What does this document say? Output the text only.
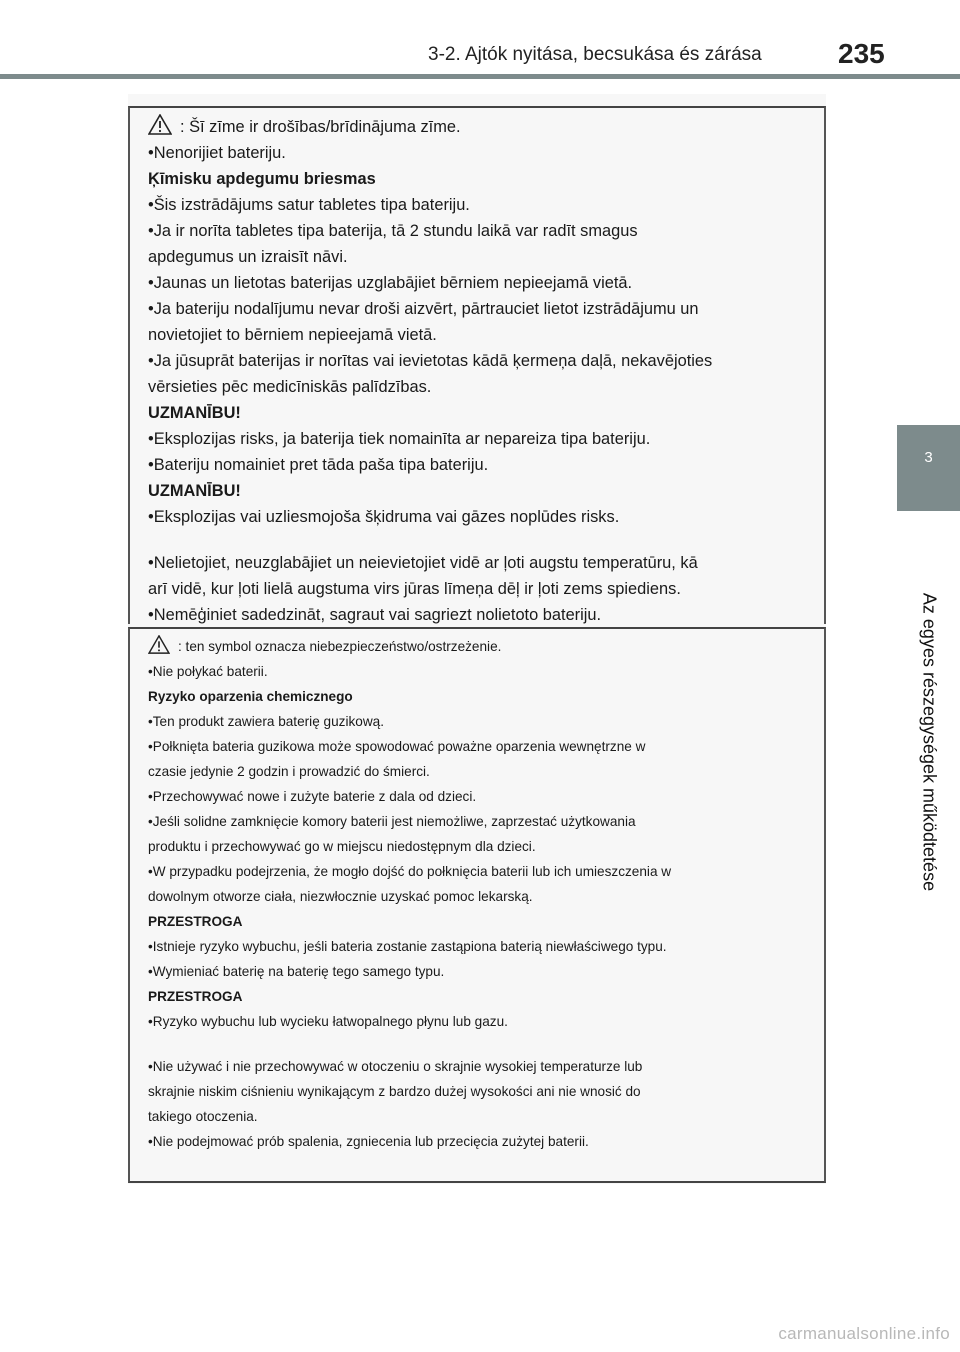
3-2. Ajtók nyitása, becsukása és zárása	235
3
Az egyes részegységek működtetése

: Šī zīme ir drošības/brīdinājuma zīme.

•Nenorijiet bateriju.

Ķīmisku apdegumu briesmas

•Šis izstrādājums satur tabletes tipa bateriju.

•Ja ir norīta tabletes tipa baterija, tā 2 stundu laikā var radīt smagus

apdegumus un izraisīt nāvi.

•Jaunas un lietotas baterijas uzglabājiet bērniem nepieejamā vietā.

•Ja bateriju nodalījumu nevar droši aizvērt, pārtrauciet lietot izstrādājumu un

novietojiet to bērniem nepieejamā vietā.

•Ja jūsuprāt baterijas ir norītas vai ievietotas kādā ķermeņa daļā, nekavējoties

vērsieties pēc medicīniskās palīdzības.

UZMANĪBU!

•Eksplozijas risks, ja baterija tiek nomainīta ar nepareiza tipa bateriju.

•Bateriju nomainiet pret tāda paša tipa bateriju.

UZMANĪBU!

•Eksplozijas vai uzliesmojoša šķidruma vai gāzes noplūdes risks.

•Nelietojiet, neuzglabājiet un neievietojiet vidē ar ļoti augstu temperatūru, kā

arī vidē, kur ļoti lielā augstuma virs jūras līmeņa dēļ ir ļoti zems spiediens.

•Nemēģiniet sadedzināt, sagraut vai sagriezt nolietoto bateriju.

: ten symbol oznacza niebezpieczeństwo/ostrzeżenie.

•Nie połykać baterii.

Ryzyko oparzenia chemicznego

•Ten produkt zawiera baterię guzikową.

•Połknięta bateria guzikowa może spowodować poważne oparzenia wewnętrzne w

czasie jedynie 2 godzin i prowadzić do śmierci.

•Przechowywać nowe i zużyte baterie z dala od dzieci.

•Jeśli solidne zamknięcie komory baterii jest niemożliwe, zaprzestać użytkowania

produktu i przechowywać go w miejscu niedostępnym dla dzieci.

•W przypadku podejrzenia, że mogło dojść do połknięcia baterii lub ich umieszczenia w

dowolnym otworze ciała, niezwłocznie uzyskać pomoc lekarską.

PRZESTROGA

•Istnieje ryzyko wybuchu, jeśli bateria zostanie zastąpiona baterią niewłaściwego typu.

•Wymieniać baterię na baterię tego samego typu.

PRZESTROGA

•Ryzyko wybuchu lub wycieku łatwopalnego płynu lub gazu.

•Nie używać i nie przechowywać w otoczeniu o skrajnie wysokiej temperaturze lub

skrajnie niskim ciśnieniu wynikającym z bardzo dużej wysokości ani nie wnosić do

takiego otoczenia.

•Nie podejmować prób spalenia, zgniecenia lub przecięcia zużytej baterii.

carmanualsonline.info
